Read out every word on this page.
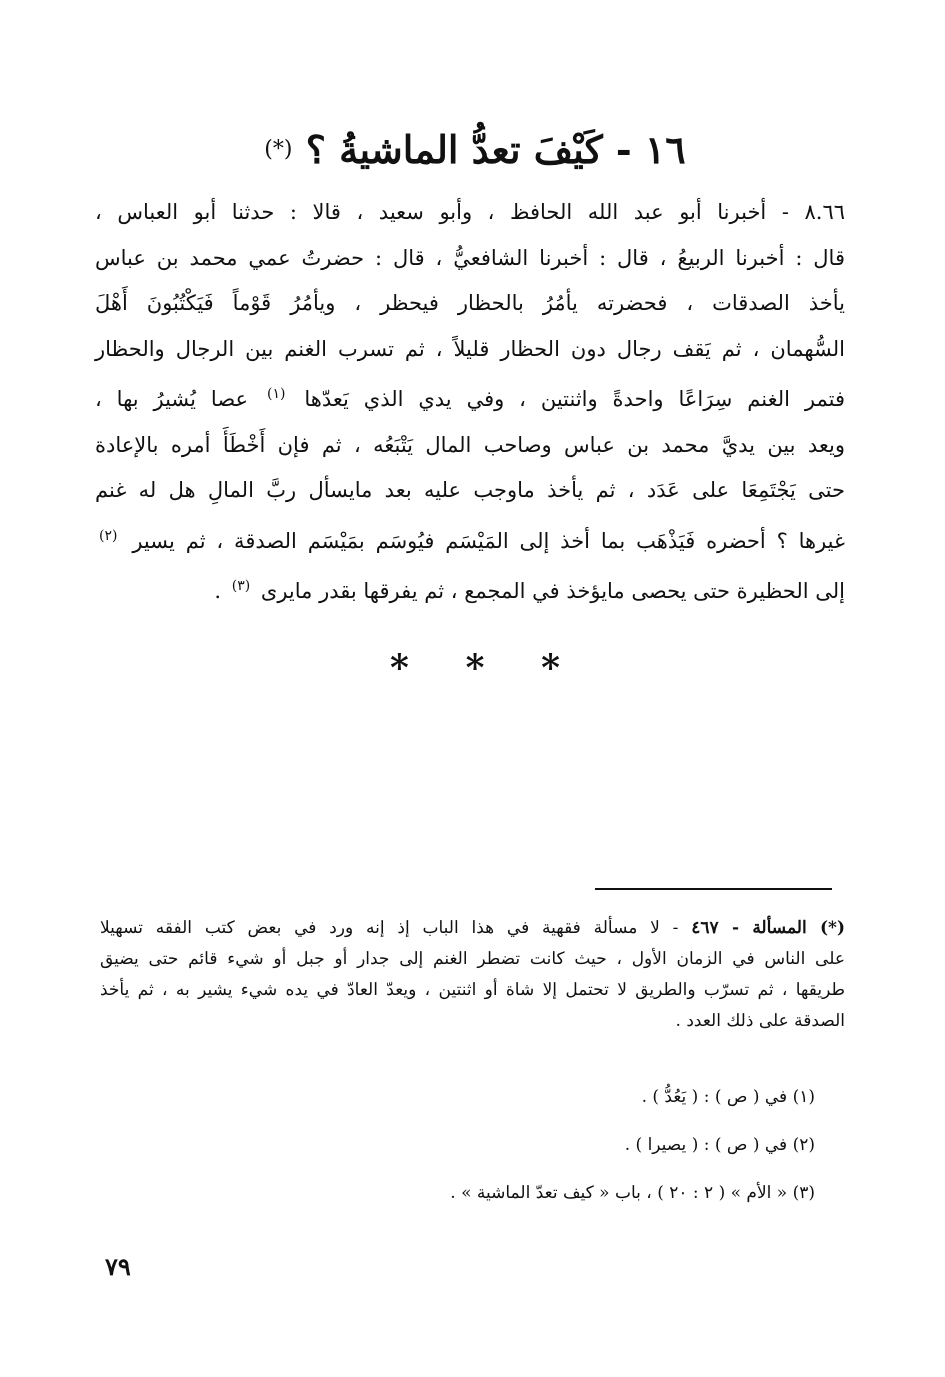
١٦ - كَيْفَ تعدُّ الماشيةُ ؟ (*)
٨.٦٦ - أخبرنا أبو عبد الله الحافظ ، وأبو سعيد ، قالا : حدثنا أبو العباس ،
قال : أخبرنا الربيعُ ، قال : أخبرنا الشافعيُّ ، قال : حضرتُ عمي محمد بن عباس
يأخذ الصدقات ، فحضرته يأمُرُ بالحظار فيحظر ، ويأمُرُ قَوْماً فَيَكْتُبُونَ أَهْلَ
السُّهمان ، ثم يَقف رجال دون الحظار قليلاً ، ثم تسرب الغنم بين الرجال والحظار
فتمر الغنم سِرَاعًا واحدةً واثنتين ، وفي يدي الذي يَعدّها $^{(١)}$ عصا يُشيرُ بها ،
ويعد بين يديَّ محمد بن عباس وصاحب المال يَتْبَعُه ، ثم فإن أَخْطَأَ أمره بالإعادة
حتى يَجْتَمِعَا على عَدَد ، ثم يأخذ ماوجب عليه بعد مايسأل ربَّ المالِ هل له غنم
غيرها ؟ أحضره فَيَذْهَب بما أخذ إلى المَيْسَم فيُوسَم بمَيْسَم الصدقة ، ثم يسير $^{(٢)}$
إلى الحظيرة حتى يحصى مايؤخذ في المجمع ، ثم يفرقها بقدر مايرى $^{(٣)}$ .
* * *
(*) المسألة - ٤٦٧ - لا مسألة فقهية في هذا الباب إذ إنه ورد في بعض كتب الفقه تسهيلا
على الناس في الزمان الأول ، حيث كانت تضطر الغنم إلى جدار أو جبل أو شيء قائم حتى يضيق
طريقها ، ثم تسرّب والطريق لا تحتمل إلا شاة أو اثنتين ، ويعدّ العادّ في يده شيء يشير به ، ثم يأخذ
الصدقة على ذلك العدد .
(١) في ( ص ) : ( يَعُدُّ ) .
(٢) في ( ص ) : ( يصيرا ) .
(٣) « الأم » ( ٢ : ٢٠ ) ، باب « كيف تعدّ الماشية » .
٧٩
